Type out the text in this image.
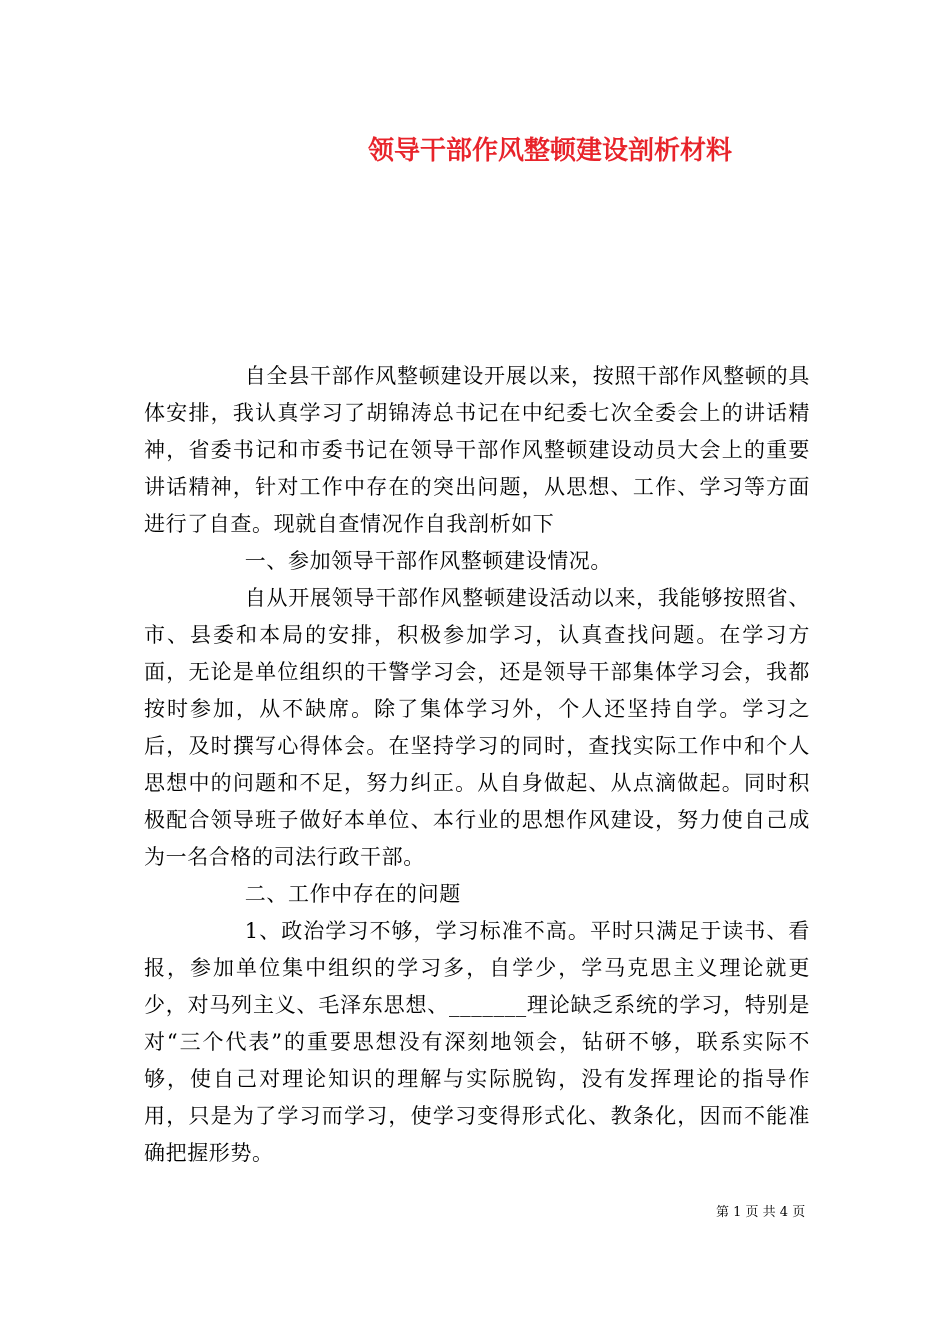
领导干部作风整顿建设剖析材料

自全县干部作风整顿建设开展以来，按照干部作风整顿的具体安排，我认真学习了胡锦涛总书记在中纪委七次全委会上的讲话精神，省委书记和市委书记在领导干部作风整顿建设动员大会上的重要讲话精神，针对工作中存在的突出问题，从思想、工作、学习等方面进行了自查。现就自查情况作自我剖析如下

一、参加领导干部作风整顿建设情况。

自从开展领导干部作风整顿建设活动以来，我能够按照省、市、县委和本局的安排，积极参加学习，认真查找问题。在学习方面，无论是单位组织的干警学习会，还是领导干部集体学习会，我都按时参加，从不缺席。除了集体学习外，个人还坚持自学。学习之后，及时撰写心得体会。在坚持学习的同时，查找实际工作中和个人思想中的问题和不足，努力纠正。从自身做起、从点滴做起。同时积极配合领导班子做好本单位、本行业的思想作风建设，努力使自己成为一名合格的司法行政干部。

二、工作中存在的问题

1、政治学习不够，学习标准不高。平时只满足于读书、看报，参加单位集中组织的学习多，自学少，学马克思主义理论就更少，对马列主义、毛泽东思想、_______理论缺乏系统的学习，特别是对“三个代表”的重要思想没有深刻地领会，钻研不够，联系实际不够，使自己对理论知识的理解与实际脱钩，没有发挥理论的指导作用，只是为了学习而学习，使学习变得形式化、教条化，因而不能准确把握形势。

第 1 页 共 4 页
